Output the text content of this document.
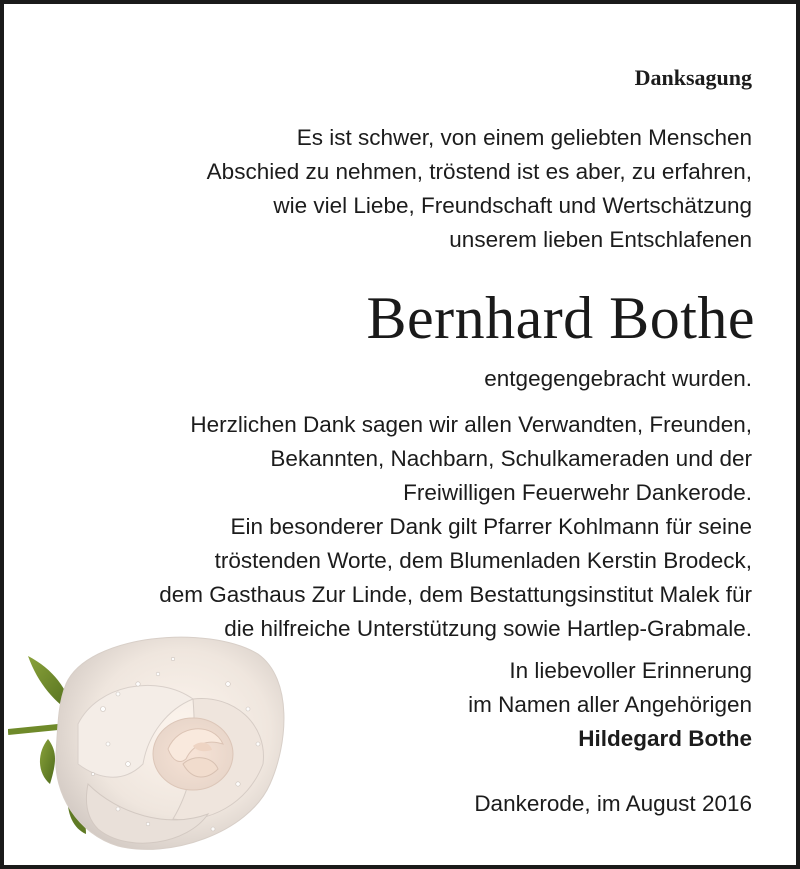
Danksagung
Es ist schwer, von einem geliebten Menschen
Abschied zu nehmen, tröstend ist es aber, zu erfahren,
wie viel Liebe, Freundschaft und Wertschätzung
unserem lieben Entschlafenen
Bernhard Bothe
entgegengebracht wurden.
Herzlichen Dank sagen wir allen Verwandten, Freunden,
Bekannten, Nachbarn, Schulkameraden und der
Freiwilligen Feuerwehr Dankerode.
Ein besonderer Dank gilt Pfarrer Kohlmann für seine
tröstenden Worte, dem Blumenladen Kerstin Brodeck,
dem Gasthaus Zur Linde, dem Bestattungsinstitut Malek für
die hilfreiche Unterstützung sowie Hartlep-Grabmale.
In liebevoller Erinnerung
im Namen aller Angehörigen
Hildegard Bothe
Dankerode, im August 2016
